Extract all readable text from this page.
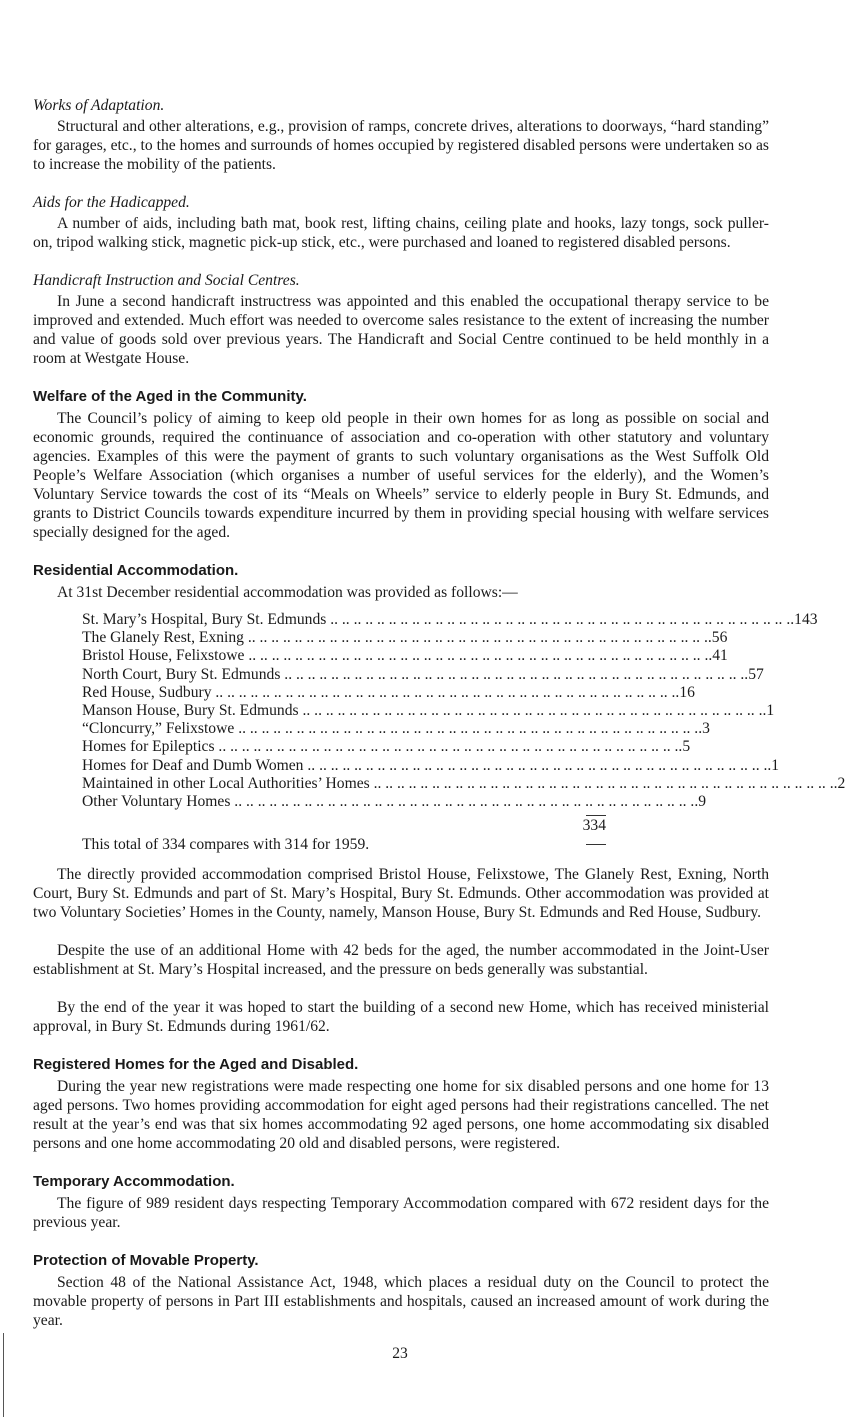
Works of Adaptation.

Structural and other alterations, e.g., provision of ramps, concrete drives, alterations to doorways, “hard standing” for garages, etc., to the homes and surrounds of homes occupied by registered disabled persons were undertaken so as to increase the mobility of the patients.

Aids for the Hadicapped.

A number of aids, including bath mat, book rest, lifting chains, ceiling plate and hooks, lazy tongs, sock puller-on, tripod walking stick, magnetic pick-up stick, etc., were purchased and loaned to registered disabled persons.

Handicraft Instruction and Social Centres.

In June a second handicraft instructress was appointed and this enabled the occupational therapy service to be improved and extended. Much effort was needed to overcome sales resistance to the extent of increasing the number and value of goods sold over previous years. The Handicraft and Social Centre continued to be held monthly in a room at Westgate House.

Welfare of the Aged in the Community.

The Council’s policy of aiming to keep old people in their own homes for as long as possible on social and economic grounds, required the continuance of association and co-operation with other statutory and voluntary agencies. Examples of this were the payment of grants to such voluntary organisations as the West Suffolk Old People’s Welfare Association (which organises a number of useful services for the elderly), and the Women’s Voluntary Service towards the cost of its “Meals on Wheels” service to elderly people in Bury St. Edmunds, and grants to District Councils towards expenditure incurred by them in providing special housing with welfare services specially designed for the aged.

Residential Accommodation.

At 31st December residential accommodation was provided as follows:—

St. Mary’s Hospital, Bury St. Edmunds .. .. .. .. .. .. .. .. .. .. .. .. .. .. .. .. .. .. .. .. .. .. .. .. .. .. .. .. .. .. .. .. .. .. .. .. .. .. .. .. 143
The Glanely Rest, Exning .. .. .. .. .. .. .. .. .. .. .. .. .. .. .. .. .. .. .. .. .. .. .. .. .. .. .. .. .. .. .. .. .. .. .. .. .. .. .. .. 56
Bristol House, Felixstowe .. .. .. .. .. .. .. .. .. .. .. .. .. .. .. .. .. .. .. .. .. .. .. .. .. .. .. .. .. .. .. .. .. .. .. .. .. .. .. .. 41
North Court, Bury St. Edmunds .. .. .. .. .. .. .. .. .. .. .. .. .. .. .. .. .. .. .. .. .. .. .. .. .. .. .. .. .. .. .. .. .. .. .. .. .. .. .. .. 57
Red House, Sudbury .. .. .. .. .. .. .. .. .. .. .. .. .. .. .. .. .. .. .. .. .. .. .. .. .. .. .. .. .. .. .. .. .. .. .. .. .. .. .. .. 16
Manson House, Bury St. Edmunds .. .. .. .. .. .. .. .. .. .. .. .. .. .. .. .. .. .. .. .. .. .. .. .. .. .. .. .. .. .. .. .. .. .. .. .. .. .. .. .. 1
“Cloncurry,” Felixstowe .. .. .. .. .. .. .. .. .. .. .. .. .. .. .. .. .. .. .. .. .. .. .. .. .. .. .. .. .. .. .. .. .. .. .. .. .. .. .. .. 3
Homes for Epileptics .. .. .. .. .. .. .. .. .. .. .. .. .. .. .. .. .. .. .. .. .. .. .. .. .. .. .. .. .. .. .. .. .. .. .. .. .. .. .. .. 5
Homes for Deaf and Dumb Women .. .. .. .. .. .. .. .. .. .. .. .. .. .. .. .. .. .. .. .. .. .. .. .. .. .. .. .. .. .. .. .. .. .. .. .. .. .. .. .. 1
Maintained in other Local Authorities’ Homes .. .. .. .. .. .. .. .. .. .. .. .. .. .. .. .. .. .. .. .. .. .. .. .. .. .. .. .. .. .. .. .. .. .. .. .. .. .. .. .. 2
Other Voluntary Homes .. .. .. .. .. .. .. .. .. .. .. .. .. .. .. .. .. .. .. .. .. .. .. .. .. .. .. .. .. .. .. .. .. .. .. .. .. .. .. .. 9
334

This total of 334 compares with 314 for 1959.

The directly provided accommodation comprised Bristol House, Felixstowe, The Glanely Rest, Exning, North Court, Bury St. Edmunds and part of St. Mary’s Hospital, Bury St. Edmunds. Other accommodation was provided at two Voluntary Societies’ Homes in the County, namely, Manson House, Bury St. Edmunds and Red House, Sudbury.

Despite the use of an additional Home with 42 beds for the aged, the number accommodated in the Joint-User establishment at St. Mary’s Hospital increased, and the pressure on beds generally was substantial.

By the end of the year it was hoped to start the building of a second new Home, which has received ministerial approval, in Bury St. Edmunds during 1961/62.

Registered Homes for the Aged and Disabled.

During the year new registrations were made respecting one home for six disabled persons and one home for 13 aged persons. Two homes providing accommodation for eight aged persons had their registrations cancelled. The net result at the year’s end was that six homes accommodating 92 aged persons, one home accommodating six disabled persons and one home accommodating 20 old and disabled persons, were registered.

Temporary Accommodation.

The figure of 989 resident days respecting Temporary Accommodation compared with 672 resident days for the previous year.

Protection of Movable Property.

Section 48 of the National Assistance Act, 1948, which places a residual duty on the Council to protect the movable property of persons in Part III establishments and hospitals, caused an increased amount of work during the year.

23
